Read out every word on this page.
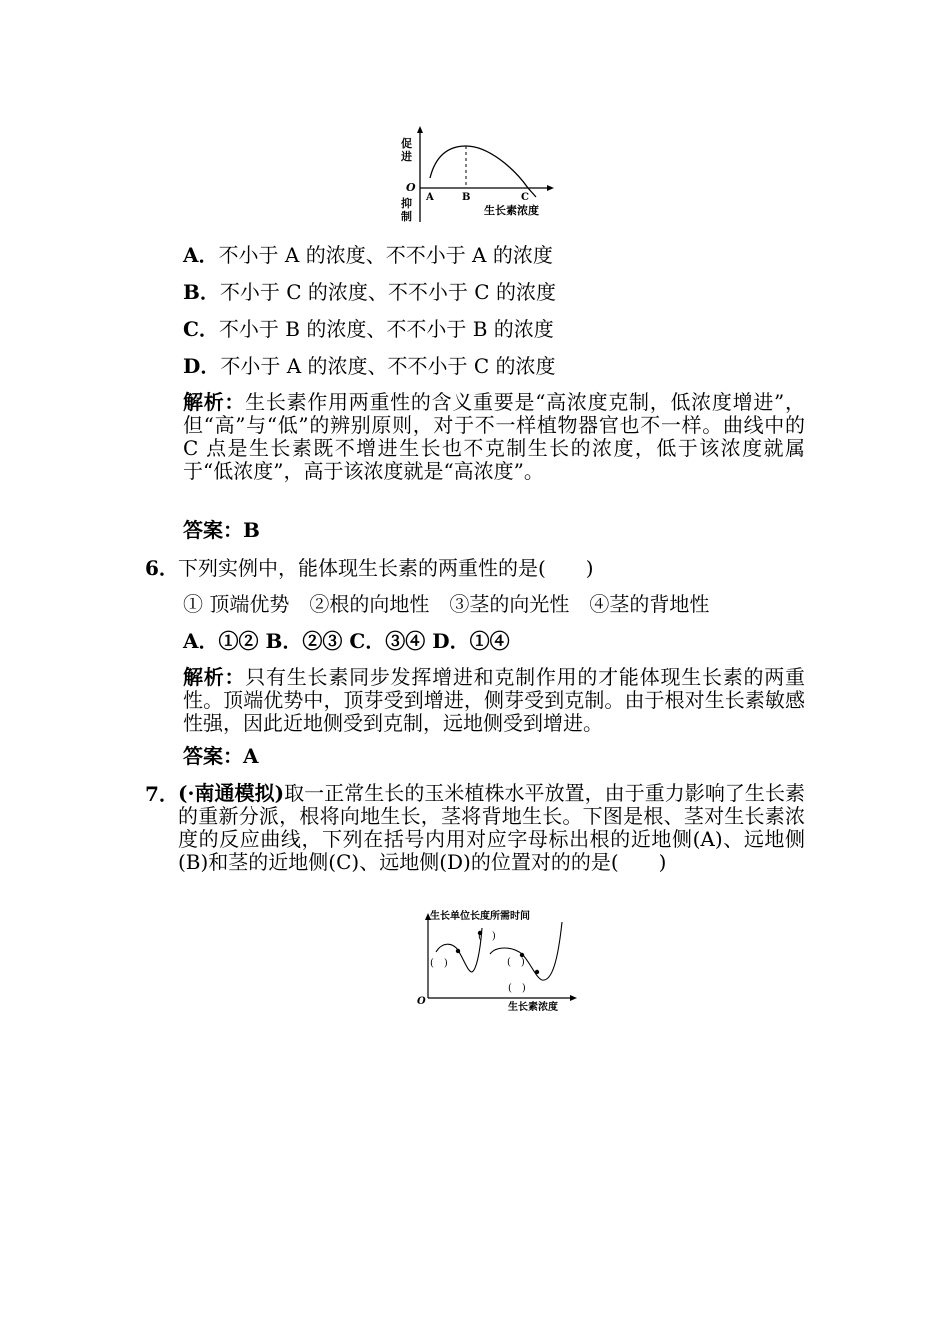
促
进
O
抑
制
A	B	C
生长素浓度
A．不小于 A 的浓度、不不小于 A 的浓度
B．不小于 C 的浓度、不不小于 C 的浓度
C．不小于 B 的浓度、不不小于 B 的浓度
D．不小于 A 的浓度、不不小于 C 的浓度
解析：生长素作用两重性的含义重要是“高浓度克制，低浓度增进”，但“高”与“低”的辨别原则，对于不一样植物器官也不一样。曲线中的 C 点是生长素既不增进生长也不克制生长的浓度，低于该浓度就属于“低浓度”，高于该浓度就是“高浓度”。
答案：B
6． 下列实例中，能体现生长素的两重性的是(　　)
① 顶端优势　②根的向地性　③茎的向光性　④茎的背地性
A．①② B．②③ C．③④ D．①④
解析：只有生长素同步发挥增进和克制作用的才能体现生长素的两重性。顶端优势中，顶芽受到增进，侧芽受到克制。由于根对生长素敏感性强，因此近地侧受到克制，远地侧受到增进。
答案：A
7． (·南通模拟)取一正常生长的玉米植株水平放置，由于重力影响了生长素的重新分派，根将向地生长，茎将背地生长。下图是根、茎对生长素浓度的反应曲线，下列在括号内用对应字母标出根的近地侧(A)、远地侧(B)和茎的近地侧(C)、远地侧(D)的位置对的的是(　　)
生长单位长度所需时间
(　)
(　)
(　)
(　)
O
生长素浓度
